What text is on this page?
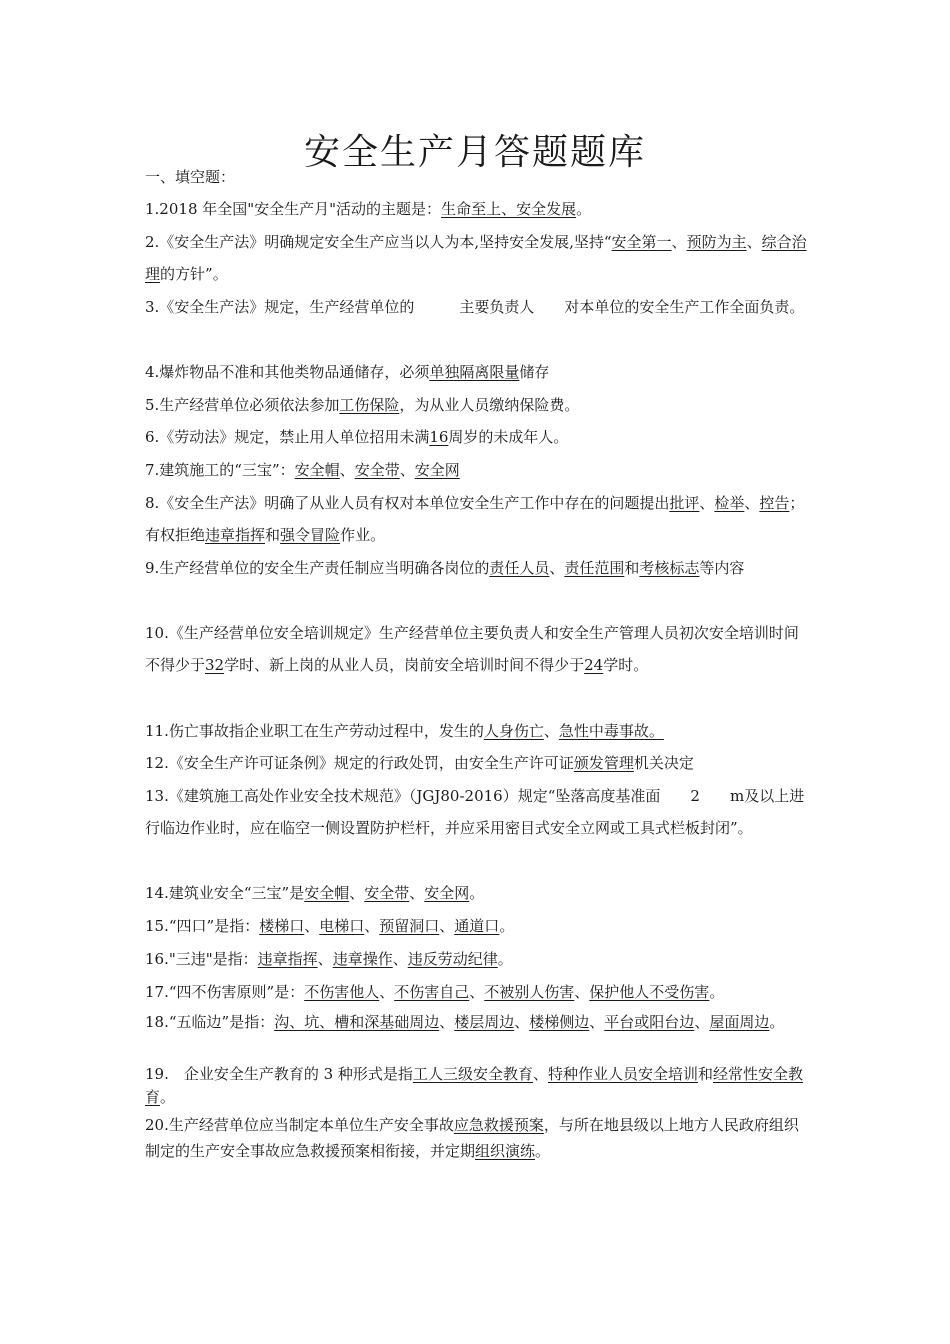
安全生产月答题题库
一、填空题：
1.2018 年全国"安全生产月"活动的主题是：生命至上、安全发展。
2.《安全生产法》明确规定安全生产应当以人为本,坚持安全发展,坚持“安全第一、预防为主、综合治理的方针”。
3.《安全生产法》规定，生产经营单位的　　　	主要负责人　　 对本单位的安全生产工作全面负责。
4.爆炸物品不准和其他类物品通储存，必须单独隔离限量储存
5.生产经营单位必须依法参加工伤保险，为从业人员缴纳保险费。
6.《劳动法》规定，禁止用人单位招用未满16周岁的未成年人。
7.建筑施工的“三宝”：安全帽、安全带、安全网
8.《安全生产法》明确了从业人员有权对本单位安全生产工作中存在的问题提出批评、检举、控告；有权拒绝违章指挥和强令冒险作业。
9.生产经营单位的安全生产责任制应当明确各岗位的责任人员、责任范围和考核标志等内容
10.《生产经营单位安全培训规定》生产经营单位主要负责人和安全生产管理人员初次安全培训时间不得少于32学时、新上岗的从业人员，岗前安全培训时间不得少于24学时。
11.伤亡事故指企业职工在生产劳动过程中，发生的人身伤亡、急性中毒事故。
12.《安全生产许可证条例》规定的行政处罚，由安全生产许可证颁发管理机关决定
13.《建筑施工高处作业安全技术规范》（JGJ80-2016）规定“坠落高度基准面　　 2　　 m及以上进行临边作业时，应在临空一侧设置防护栏杆，并应采用密目式安全立网或工具式栏板封闭”。
14.建筑业安全“三宝”是安全帽、安全带、安全网。
15.“四口”是指：楼梯口、电梯口、预留洞口、通道口。
16."三违"是指：违章指挥、违章操作、违反劳动纪律。
17.“四不伤害原则”是：不伤害他人、不伤害自己、不被别人伤害、保护他人不受伤害。
18.“五临边”是指：沟、坑、槽和深基础周边、楼层周边、楼梯侧边、平台或阳台边、屋面周边。
19.　企业安全生产教育的 3 种形式是指工人三级安全教育、特种作业人员安全培训和经常性安全教育。
20.生产经营单位应当制定本单位生产安全事故应急救援预案，与所在地县级以上地方人民政府组织制定的生产安全事故应急救援预案相衔接，并定期组织演练。
